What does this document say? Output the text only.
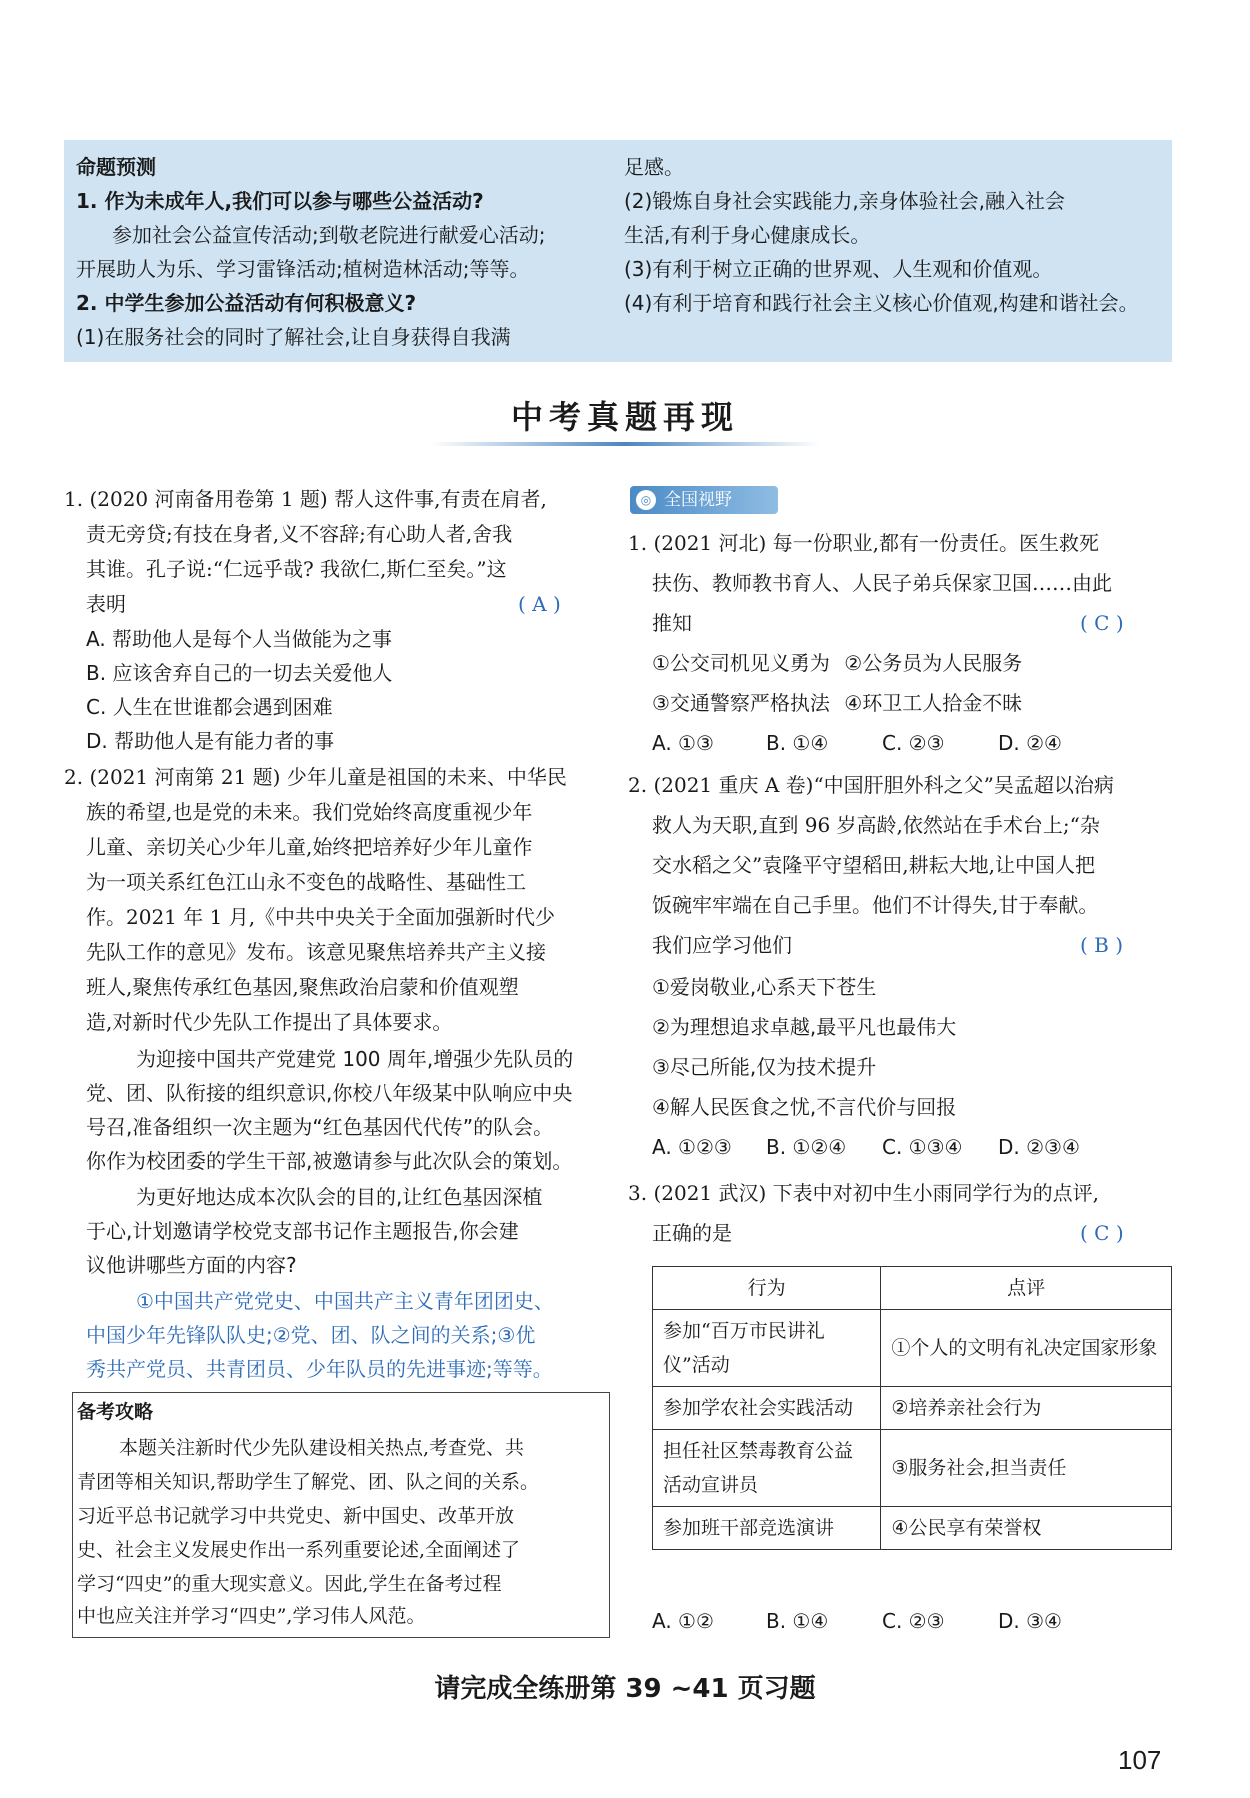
命题预测
1. 作为未成年人,我们可以参与哪些公益活动?
参加社会公益宣传活动;到敬老院进行献爱心活动;
开展助人为乐、学习雷锋活动;植树造林活动;等等。
2. 中学生参加公益活动有何积极意义?
(1)在服务社会的同时了解社会,让自身获得自我满
足感。
(2)锻炼自身社会实践能力,亲身体验社会,融入社会
生活,有利于身心健康成长。
(3)有利于树立正确的世界观、人生观和价值观。
(4)有利于培育和践行社会主义核心价值观,构建和谐社会。
中考真题再现
1. (2020 河南备用卷第 1 题) 帮人这件事,有责在肩者,
责无旁贷;有技在身者,义不容辞;有心助人者,舍我
其谁。孔子说:“仁远乎哉? 我欲仁,斯仁至矣。”这
表明	( A )
A. 帮助他人是每个人当做能为之事
B. 应该舍弃自己的一切去关爱他人
C. 人生在世谁都会遇到困难
D. 帮助他人是有能力者的事
2. (2021 河南第 21 题) 少年儿童是祖国的未来、中华民
族的希望,也是党的未来。我们党始终高度重视少年
儿童、亲切关心少年儿童,始终把培养好少年儿童作
为一项关系红色江山永不变色的战略性、基础性工
作。2021 年 1 月,《中共中央关于全面加强新时代少
先队工作的意见》发布。该意见聚焦培养共产主义接
班人,聚焦传承红色基因,聚焦政治启蒙和价值观塑
造,对新时代少先队工作提出了具体要求。
为迎接中国共产党建党 100 周年,增强少先队员的
党、团、队衔接的组织意识,你校八年级某中队响应中央
号召,准备组织一次主题为“红色基因代代传”的队会。
你作为校团委的学生干部,被邀请参与此次队会的策划。
为更好地达成本次队会的目的,让红色基因深植
于心,计划邀请学校党支部书记作主题报告,你会建
议他讲哪些方面的内容?
①中国共产党党史、中国共产主义青年团团史、
中国少年先锋队队史;②党、团、队之间的关系;③优
秀共产党员、共青团员、少年队员的先进事迹;等等。
备考攻略
本题关注新时代少先队建设相关热点,考查党、共
青团等相关知识,帮助学生了解党、团、队之间的关系。
习近平总书记就学习中共党史、新中国史、改革开放
史、社会主义发展史作出一系列重要论述,全面阐述了
学习“四史”的重大现实意义。因此,学生在备考过程
中也应关注并学习“四史”,学习伟人风范。
◎ 全国视野
1. (2021 河北) 每一份职业,都有一份责任。医生救死
扶伤、教师教书育人、人民子弟兵保家卫国……由此
推知	( C )
①公交司机见义勇为 ②公务员为人民服务
③交通警察严格执法 ④环卫工人拾金不昧
A. ①③	B. ①④	C. ②③	D. ②④
2. (2021 重庆 A 卷)“中国肝胆外科之父”吴孟超以治病
救人为天职,直到 96 岁高龄,依然站在手术台上;“杂
交水稻之父”袁隆平守望稻田,耕耘大地,让中国人把
饭碗牢牢端在自己手里。他们不计得失,甘于奉献。
我们应学习他们	( B )
①爱岗敬业,心系天下苍生
②为理想追求卓越,最平凡也最伟大
③尽己所能,仅为技术提升
④解人民医食之忧,不言代价与回报
A. ①②③ B. ①②④ C. ①③④ D. ②③④
3. (2021 武汉) 下表中对初中生小雨同学行为的点评,
正确的是	( C )
行为	点评
参加“百万市民讲礼仪”活动	①个人的文明有礼决定国家形象
参加学农社会实践活动	②培养亲社会行为
担任社区禁毒教育公益活动宣讲员	③服务社会,担当责任
参加班干部竞选演讲	④公民享有荣誉权
A. ①②	B. ①④	C. ②③	D. ③④
请完成全练册第 39 ~41 页习题
107
